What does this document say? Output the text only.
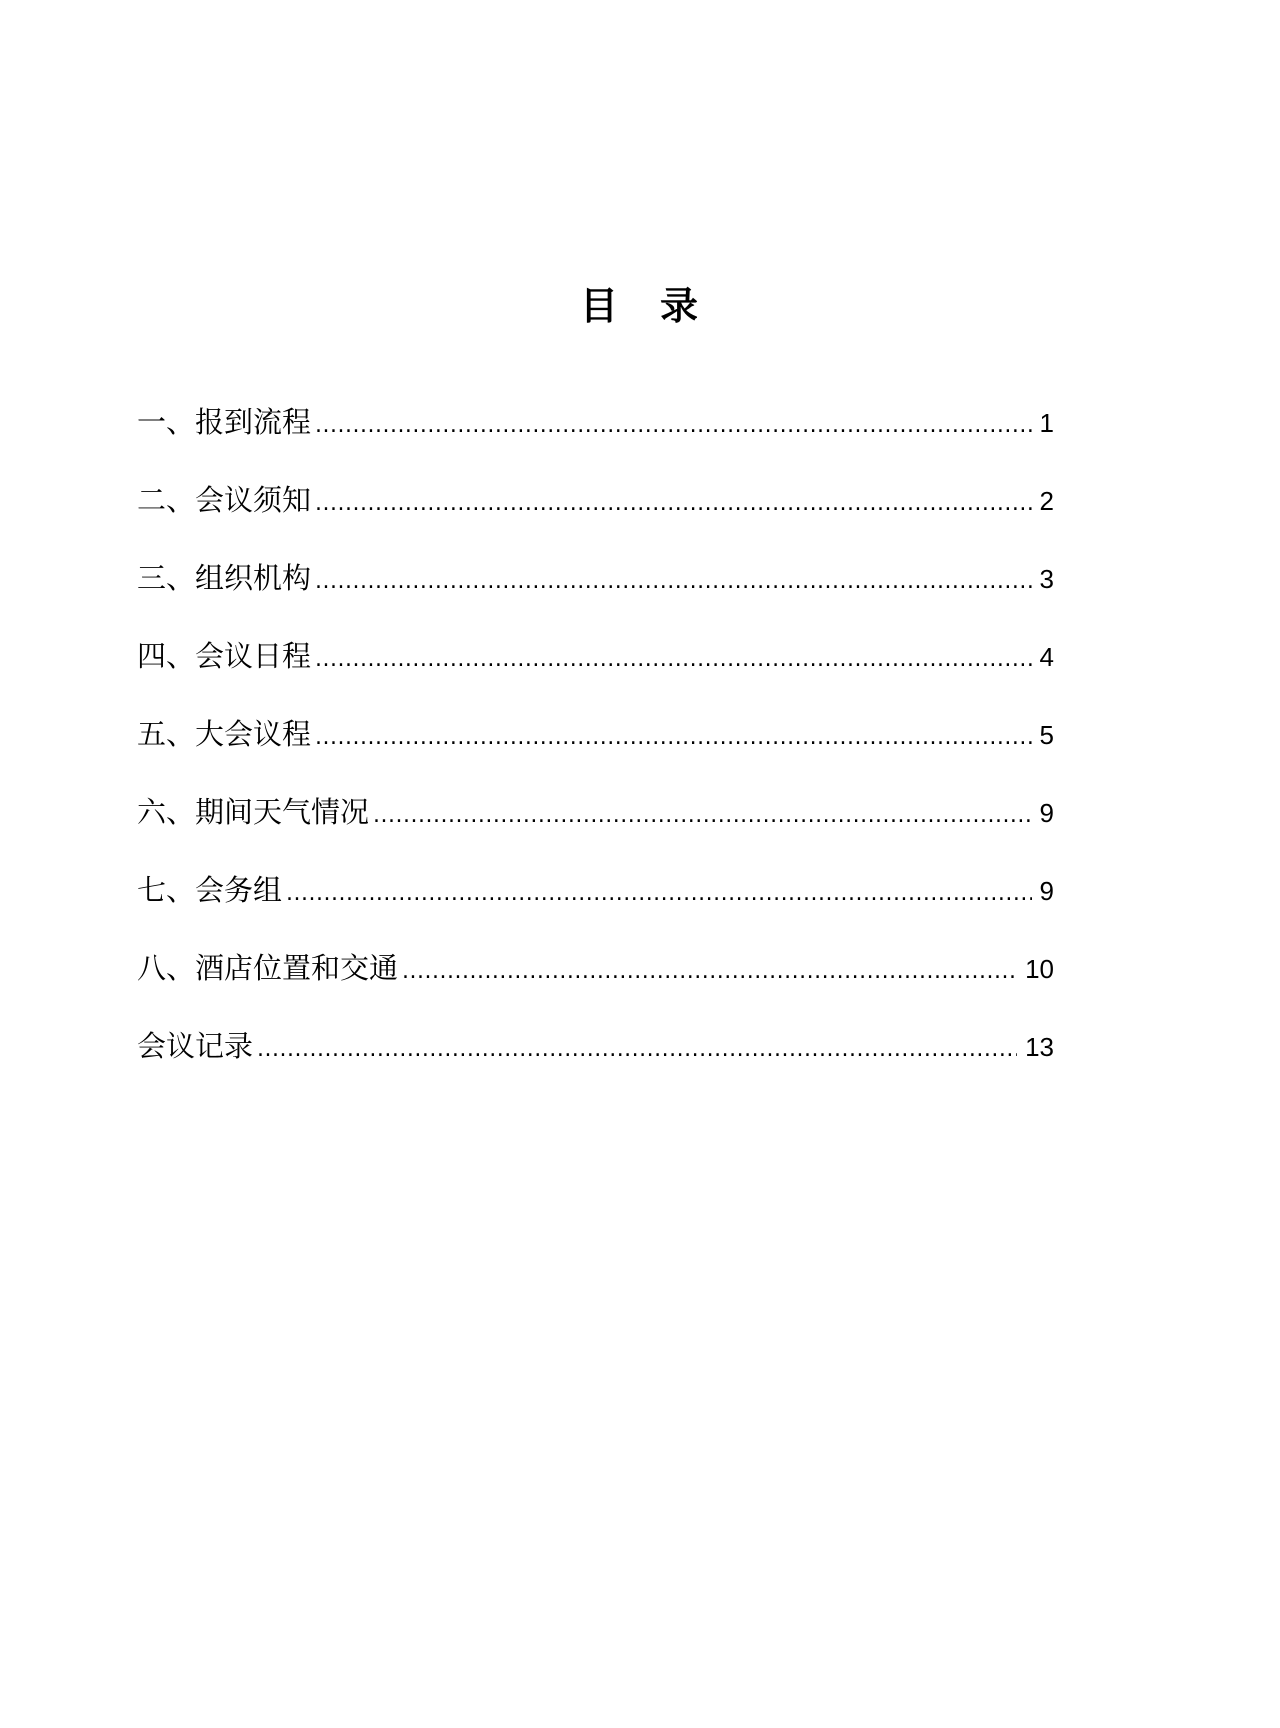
目 录
一、报到流程 .....	1
二、会议须知 .....	2
三、组织机构 .....	3
四、会议日程 .....	4
五、大会议程 .....	5
六、期间天气情况 .....	9
七、会务组 .....	9
八、酒店位置和交通 .....	10
会议记录 .....	13
